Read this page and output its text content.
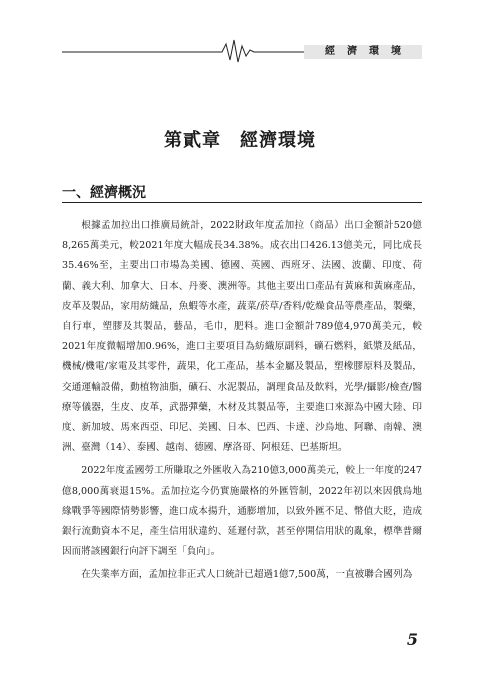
經濟環境
第貳章　經濟環境
一、經濟概況

根據孟加拉出口推廣局統計，2022財政年度孟加拉（商品）出口金額計520億8,265萬美元，較2021年度大幅成長34.38%。成衣出口426.13億美元，同比成長35.46%至，主要出口市場為美國、德國、英國、西班牙、法國、波蘭、印度、荷蘭、義大利、加拿大、日本、丹麥、澳洲等。其他主要出口產品有黃麻和黃麻產品，皮革及製品，家用紡織品，魚蝦等水產，蔬菜/菸草/香料/乾燥食品等農產品，製藥，自行車，塑膠及其製品，藝品，毛巾，肥料。進口金額計789億4,970萬美元，較2021年度微幅增加0.96%，進口主要項目為紡織原副料，礦石燃料，紙漿及紙品，機械/機電/家電及其零件，蔬果，化工產品，基本金屬及製品，塑橡膠原料及製品，交通運輸設備，動植物油脂，礦石、水泥製品，調理食品及飲料，光學/攝影/檢查/醫療等儀器，生皮、皮革，武器彈藥，木材及其製品等，主要進口來源為中國大陸、印度、新加坡、馬來西亞、印尼、美國、日本、巴西、卡達、沙烏地、阿聯、南韓、澳洲、臺灣（14）、泰國、越南、德國、摩洛哥、阿根廷、巴基斯坦。

2022年度孟國勞工所賺取之外匯收入為210億3,000萬美元，較上一年度的247億8,000萬衰退15%。孟加拉迄今仍實施嚴格的外匯管制，2022年初以來因俄烏地緣戰爭等國際情勢影響，進口成本揚升，通膨增加，以致外匯不足、幣值大貶，造成銀行流動資本不足，產生信用狀違約、延遲付款，甚至停開信用狀的亂象，標準普爾因而將該國銀行向評下調至「負向」。

在失業率方面，孟加拉非正式人口統計已超過1億7,500萬，一直被聯合國列為

5
